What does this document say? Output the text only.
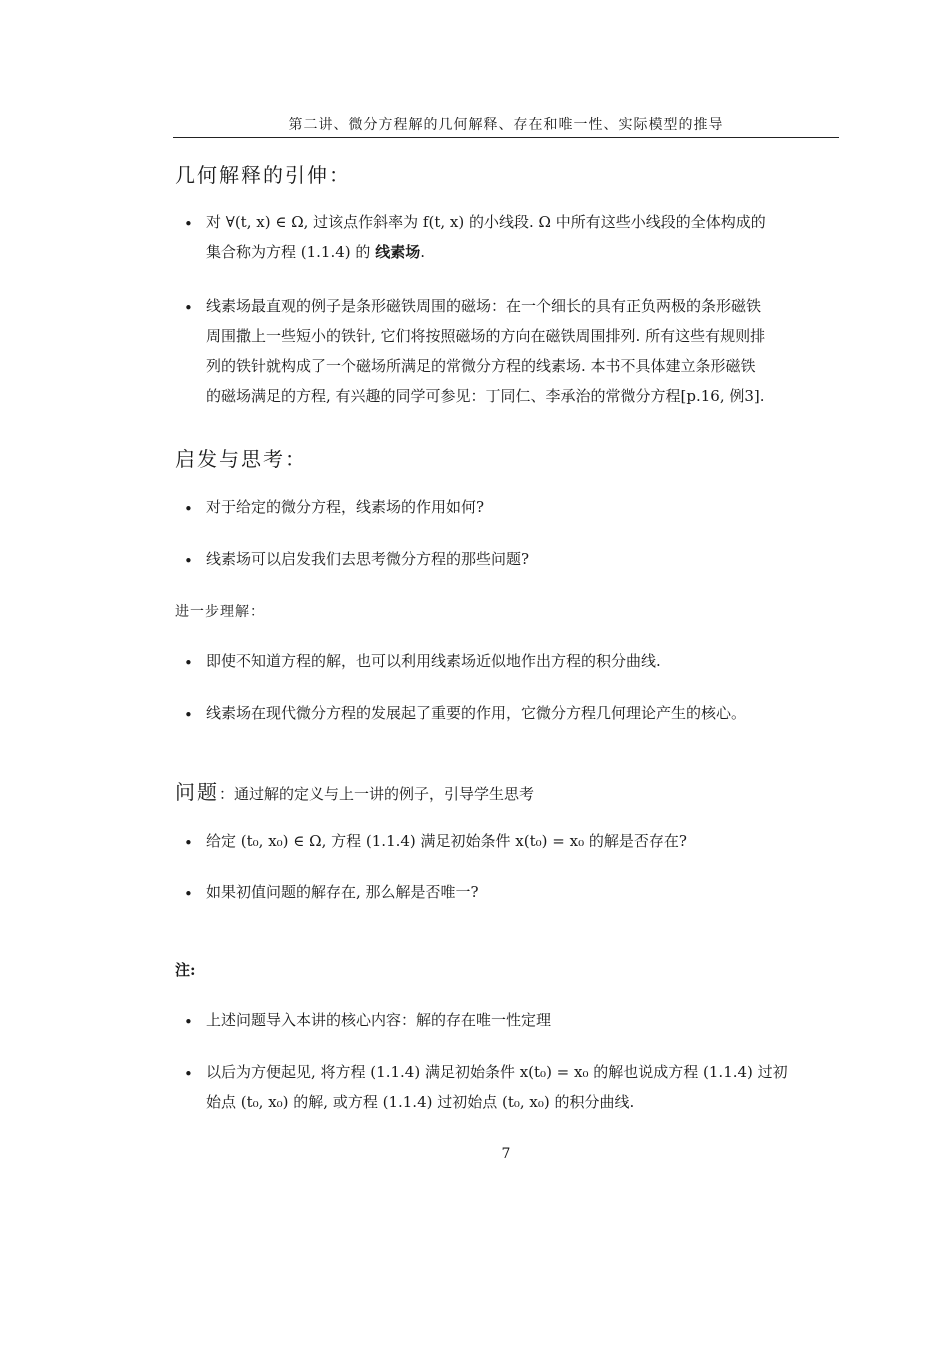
第二讲、微分方程解的几何解释、存在和唯一性、实际模型的推导
几何解释的引伸：
• 对 ∀(t, x) ∈ Ω, 过该点作斜率为 f(t, x) 的小线段. Ω 中所有这些小线段的全体构成的
集合称为方程 (1.1.4) 的 线素场.
• 线素场最直观的例子是条形磁铁周围的磁场：在一个细长的具有正负两极的条形磁铁
周围撒上一些短小的铁针, 它们将按照磁场的方向在磁铁周围排列. 所有这些有规则排
列的铁针就构成了一个磁场所满足的常微分方程的线素场. 本书不具体建立条形磁铁
的磁场满足的方程, 有兴趣的同学可参见：丁同仁、李承治的常微分方程[p.16, 例3].
启发与思考：
• 对于给定的微分方程，线素场的作用如何?
• 线素场可以启发我们去思考微分方程的那些问题?
进一步理解：
• 即使不知道方程的解，也可以利用线素场近似地作出方程的积分曲线.
• 线素场在现代微分方程的发展起了重要的作用，它微分方程几何理论产生的核心。
问题：通过解的定义与上一讲的例子，引导学生思考
• 给定 (t₀, x₀) ∈ Ω, 方程 (1.1.4) 满足初始条件 x(t₀) = x₀ 的解是否存在?
• 如果初值问题的解存在, 那么解是否唯一?
注:
• 上述问题导入本讲的核心内容：解的存在唯一性定理
• 以后为方便起见, 将方程 (1.1.4) 满足初始条件 x(t₀) = x₀ 的解也说成方程 (1.1.4) 过初
始点 (t₀, x₀) 的解, 或方程 (1.1.4) 过初始点 (t₀, x₀) 的积分曲线.
7
